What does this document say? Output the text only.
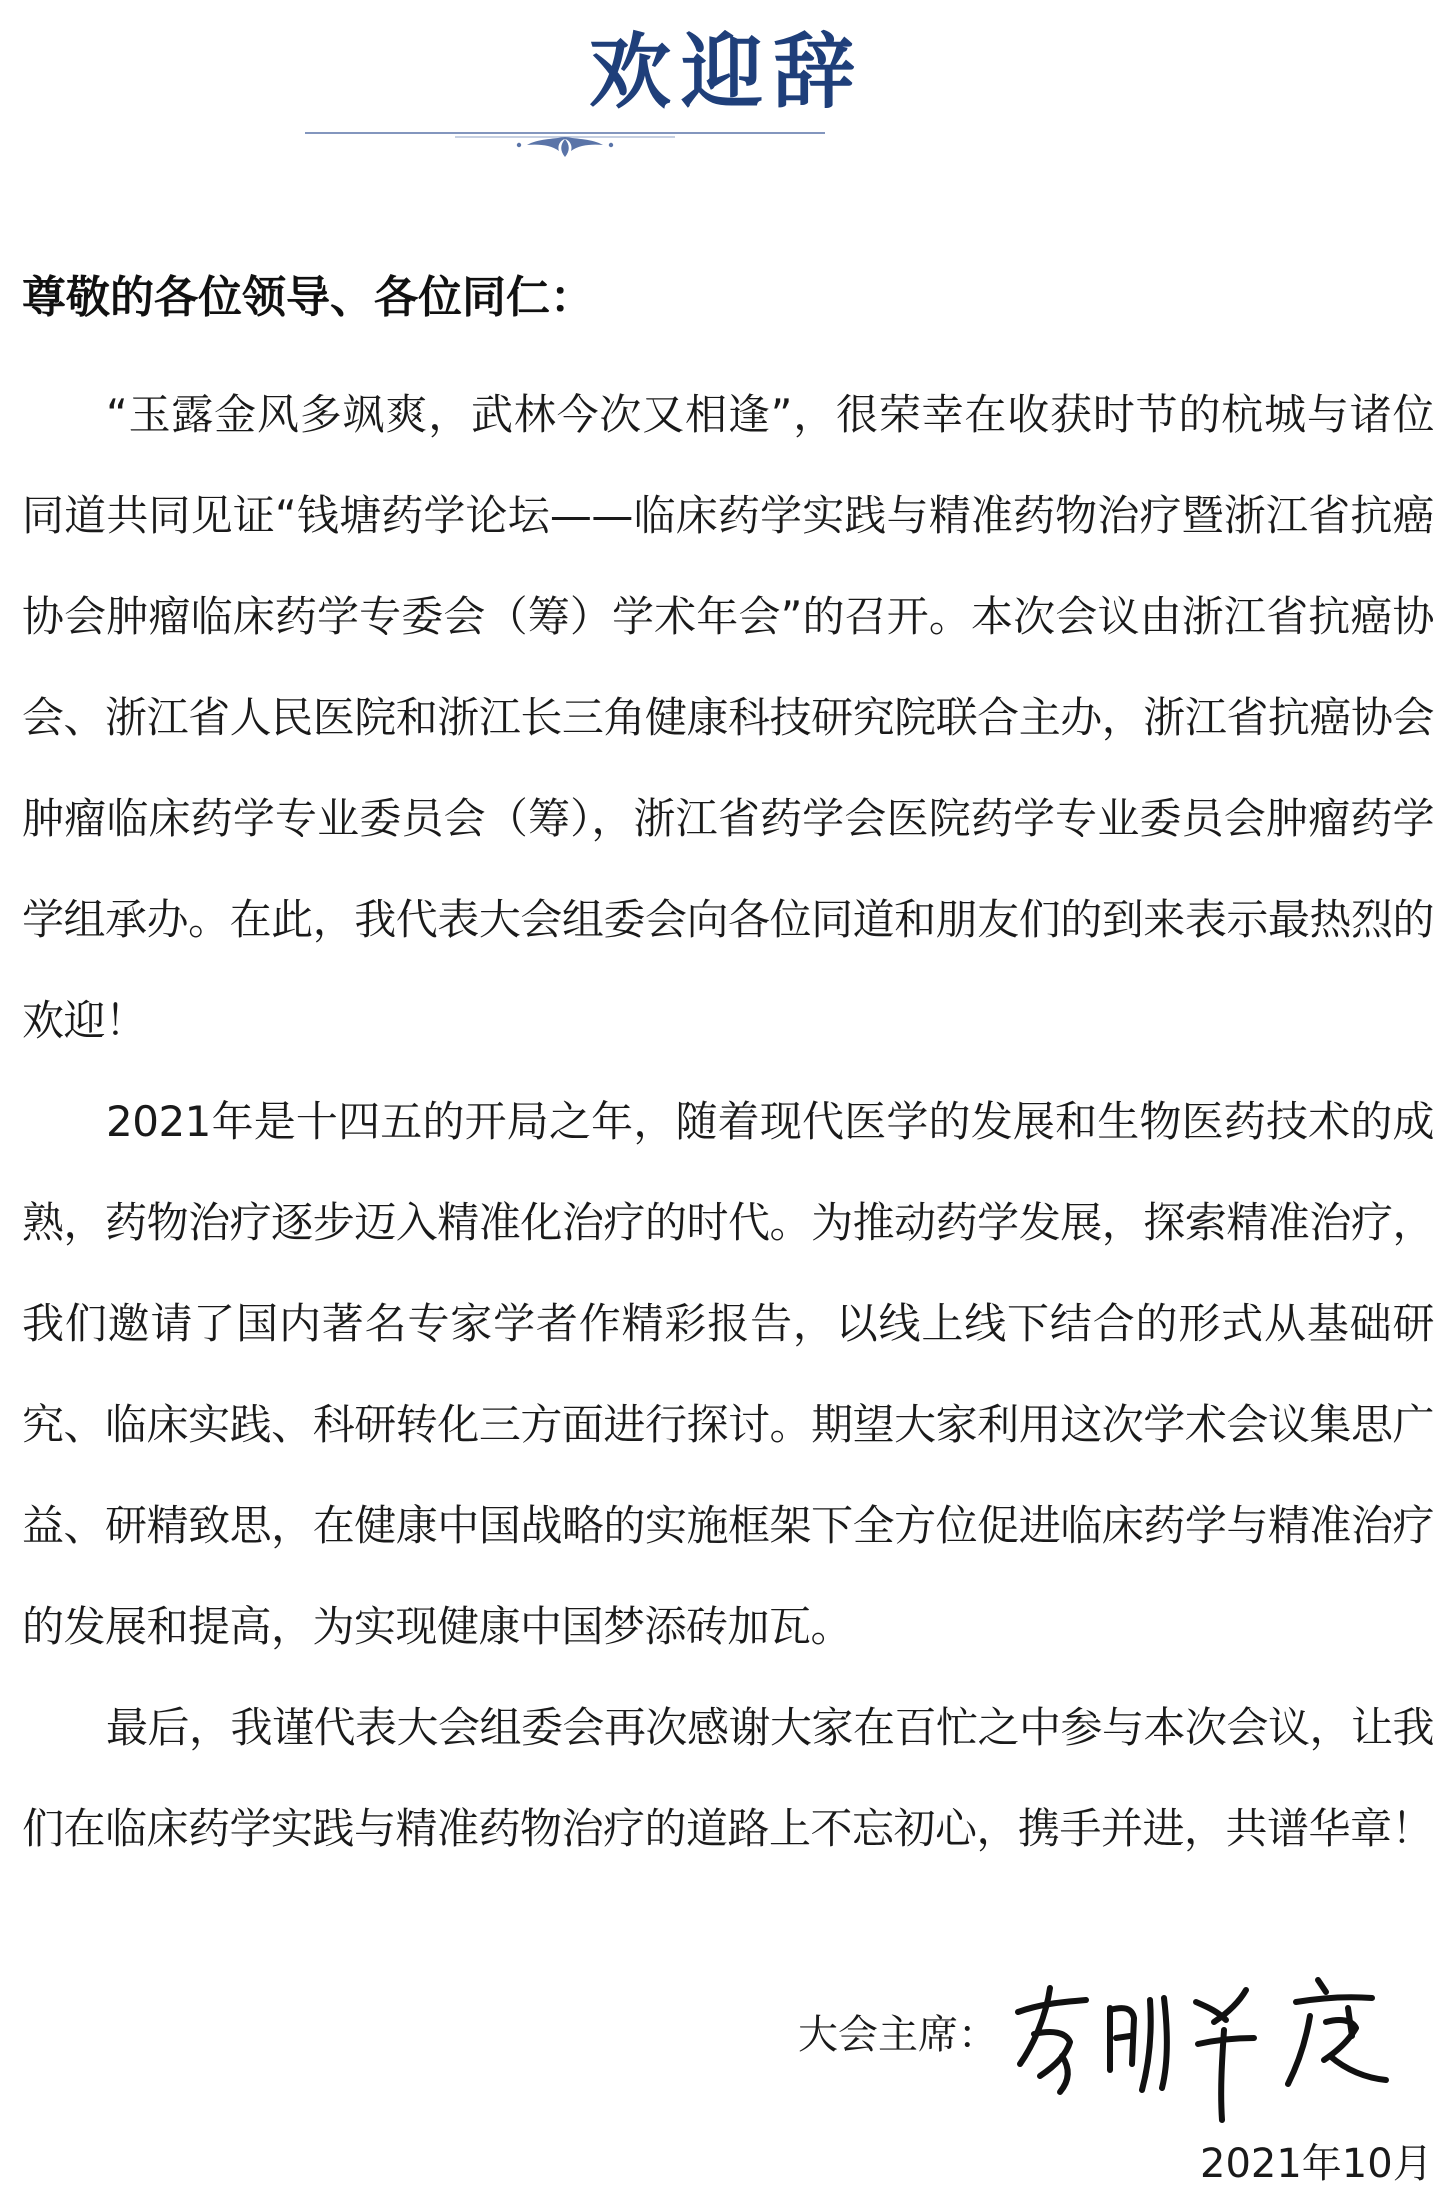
欢迎辞
尊敬的各位领导、各位同仁：

“玉露金风多飒爽，武林今次又相逢”，很荣幸在收获时节的杭城与诸位同道共同见证“钱塘药学论坛——临床药学实践与精准药物治疗暨浙江省抗癌协会肿瘤临床药学专委会（筹）学术年会”的召开。本次会议由浙江省抗癌协会、浙江省人民医院和浙江长三角健康科技研究院联合主办，浙江省抗癌协会肿瘤临床药学专业委员会（筹），浙江省药学会医院药学专业委员会肿瘤药学学组承办。在此，我代表大会组委会向各位同道和朋友们的到来表示最热烈的欢迎！

2021年是十四五的开局之年，随着现代医学的发展和生物医药技术的成熟，药物治疗逐步迈入精准化治疗的时代。为推动药学发展，探索精准治疗，我们邀请了国内著名专家学者作精彩报告，以线上线下结合的形式从基础研究、临床实践、科研转化三方面进行探讨。期望大家利用这次学术会议集思广益、研精致思，在健康中国战略的实施框架下全方位促进临床药学与精准治疗的发展和提高，为实现健康中国梦添砖加瓦。

最后，我谨代表大会组委会再次感谢大家在百忙之中参与本次会议，让我们在临床药学实践与精准药物治疗的道路上不忘初心，携手并进，共谱华章！

大会主席：
2021年10月
